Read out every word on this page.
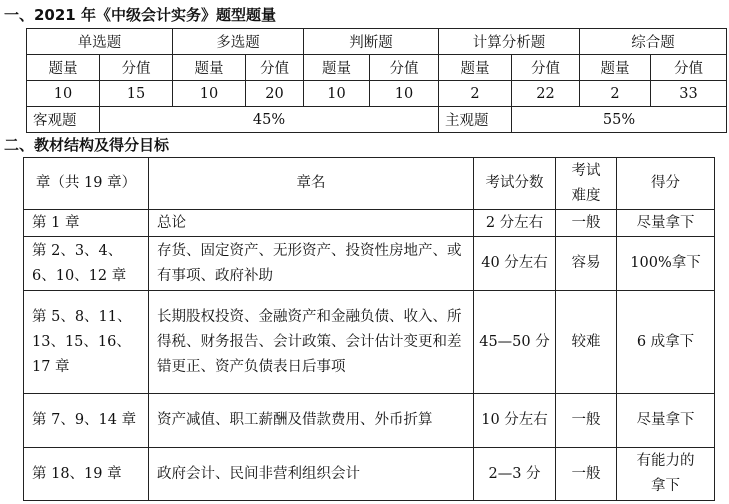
一、2021 年《中级会计实务》题型题量
单选题		多选题		判断题		计算分析题		综合题	
题量	分值	题量	分值	题量	分值	题量	分值	题量	分值
10	15	10	20	10	10	2	22	2	33
客观题	45%					主观题	55%		
二、教材结构及得分目标
章（共 19 章）	章名	考试分数	考试难度	得分
第 1 章	总论	2 分左右	一般	尽量拿下
第 2、3、4、6、10、12 章	存货、固定资产、无形资产、投资性房地产、或有事项、政府补助	40 分左右	容易	100%拿下
第 5、8、11、13、15、16、17 章	长期股权投资、金融资产和金融负债、收入、所得税、财务报告、会计政策、会计估计变更和差错更正、资产负债表日后事项	45—50 分	较难	6 成拿下
第 7、9、14 章	资产减值、职工薪酬及借款费用、外币折算	10 分左右	一般	尽量拿下
第 18、19 章	政府会计、民间非营利组织会计	2—3 分	一般	有能力的拿下
